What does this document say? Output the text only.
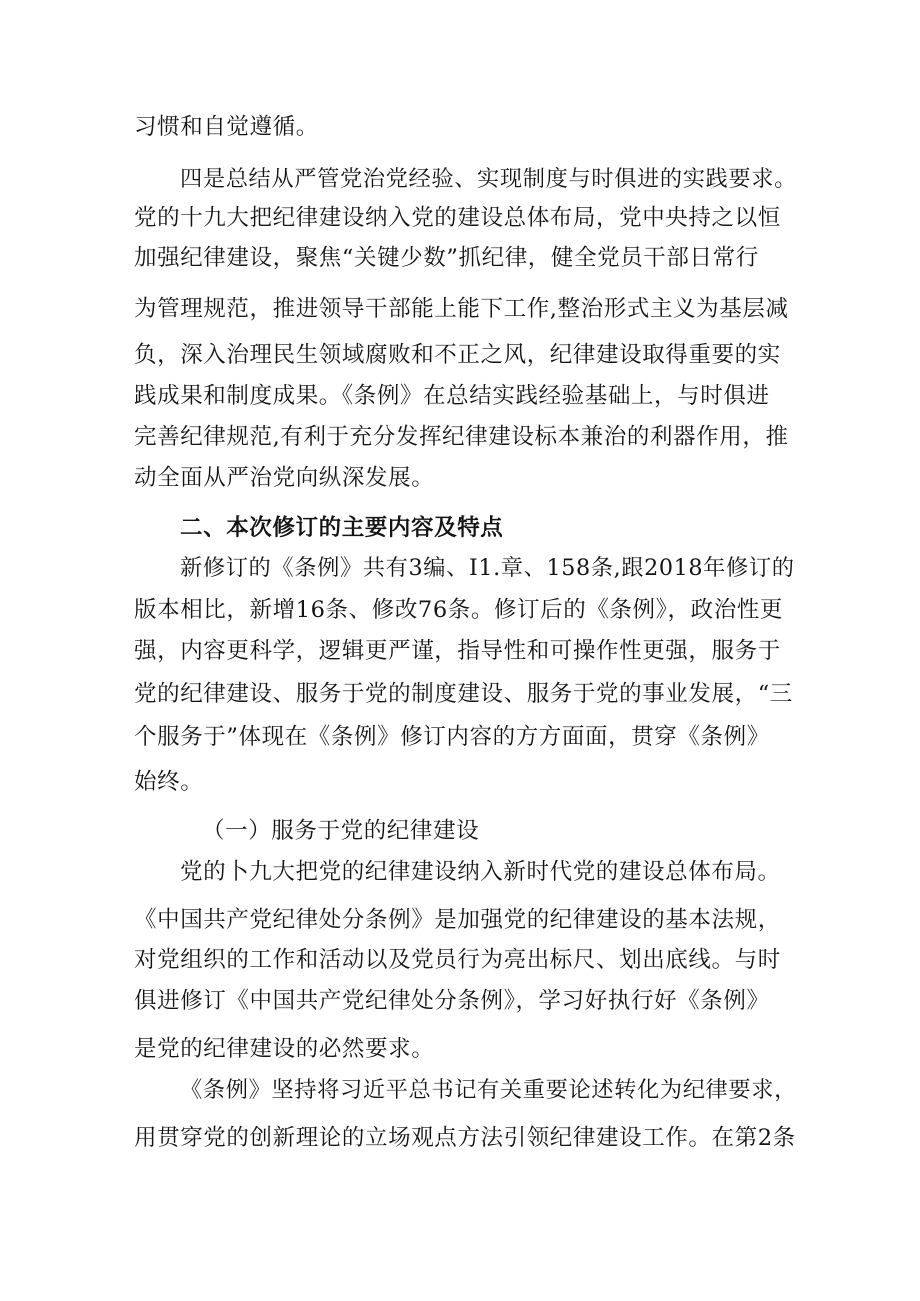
习惯和自觉遵循。
四是总结从严管党治党经验、实现制度与时俱进的实践要求。
党的十九大把纪律建设纳入党的建设总体布局，党中央持之以恒
加强纪律建设，聚焦“关键少数”抓纪律，健全党员干部日常行
为管理规范，推进领导干部能上能下工作,整治形式主义为基层减
负，深入治理民生领域腐败和不正之风，纪律建设取得重要的实
践成果和制度成果。《条例》在总结实践经验基础上，与时俱进
完善纪律规范,有利于充分发挥纪律建设标本兼治的利器作用，推
动全面从严治党向纵深发展。
二、本次修订的主要内容及特点
新修订的《条例》共有3编、I1.章、158条,跟2018年修订的
版本相比，新增16条、修改76条。修订后的《条例》，政治性更
强，内容更科学，逻辑更严谨，指导性和可操作性更强，服务于
党的纪律建设、服务于党的制度建设、服务于党的事业发展，“三
个服务于”体现在《条例》修订内容的方方面面，贯穿《条例》
始终。
（一）服务于党的纪律建设
党的卜九大把党的纪律建设纳入新时代党的建设总体布局。
《中国共产党纪律处分条例》是加强党的纪律建设的基本法规，
对党组织的工作和活动以及党员行为亮出标尺、划出底线。与时
俱进修订《中国共产党纪律处分条例》，学习好执行好《条例》
是党的纪律建设的必然要求。
《条例》坚持将习近平总书记有关重要论述转化为纪律要求，
用贯穿党的创新理论的立场观点方法引领纪律建设工作。在第2条
